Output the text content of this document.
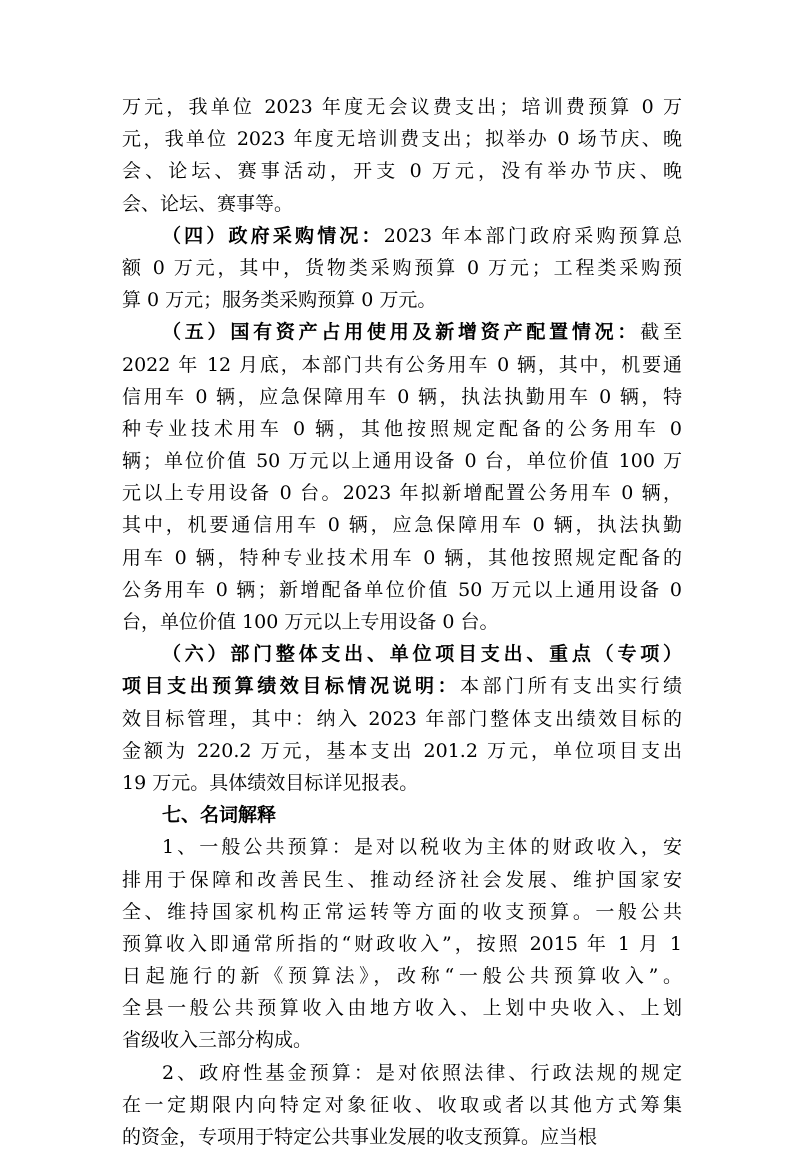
万元，我单位 2023 年度无会议费支出；培训费预算 0 万
元，我单位 2023 年度无培训费支出；拟举办 0 场节庆、晚
会、论坛、赛事活动，开支 0 万元，没有举办节庆、晚
会、论坛、赛事等。
（四）政府采购情况：2023 年本部门政府采购预算总
额 0 万元，其中，货物类采购预算 0 万元；工程类采购预
算 0 万元；服务类采购预算 0 万元。
（五）国有资产占用使用及新增资产配置情况：截至
2022 年 12 月底，本部门共有公务用车 0 辆，其中，机要通
信用车 0 辆，应急保障用车 0 辆，执法执勤用车 0 辆，特
种专业技术用车 0 辆，其他按照规定配备的公务用车 0
辆；单位价值 50 万元以上通用设备 0 台，单位价值 100 万
元以上专用设备 0 台。2023 年拟新增配置公务用车 0 辆，
其中，机要通信用车 0 辆，应急保障用车 0 辆，执法执勤
用车 0 辆，特种专业技术用车 0 辆，其他按照规定配备的
公务用车 0 辆；新增配备单位价值 50 万元以上通用设备 0
台，单位价值 100 万元以上专用设备 0 台。
（六）部门整体支出、单位项目支出、重点（专项）
项目支出预算绩效目标情况说明：本部门所有支出实行绩
效目标管理，其中：纳入 2023 年部门整体支出绩效目标的
金额为 220.2 万元，基本支出 201.2 万元，单位项目支出
19 万元。具体绩效目标详见报表。
七、名词解释
1、一般公共预算：是对以税收为主体的财政收入，安
排用于保障和改善民生、推动经济社会发展、维护国家安
全、维持国家机构正常运转等方面的收支预算。一般公共
预算收入即通常所指的“财政收入”，按照 2015 年 1 月 1
日起施行的新《预算法》，改称“一般公共预算收入”。
全县一般公共预算收入由地方收入、上划中央收入、上划
省级收入三部分构成。
2、政府性基金预算：是对依照法律、行政法规的规定
在一定期限内向特定对象征收、收取或者以其他方式筹集
的资金，专项用于特定公共事业发展的收支预算。应当根
